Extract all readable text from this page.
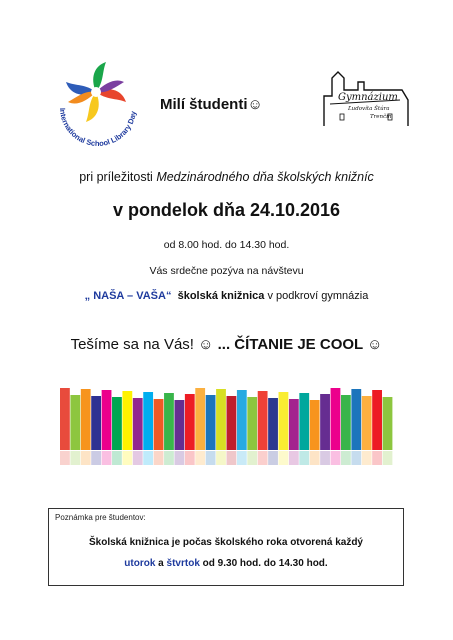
International School Library Day
Gymnázium
Ľudovíta Štúra
Trenčín
Milí študenti☺
pri príležitosti Medzinárodného dňa školských knižníc
v pondelok dňa 24.10.2016
od 8.00 hod. do 14.30 hod.
Vás srdečne pozýva na návštevu
„ NAŠA – VAŠA“ školská knižnica v podkroví gymnázia
Tešíme sa na Vás! ☺ ... ČÍTANIE JE COOL ☺
Poznámka pre študentov:
Školská knižnica je počas školského roka otvorená každý
utorok a štvrtok od 9.30 hod. do 14.30 hod.
